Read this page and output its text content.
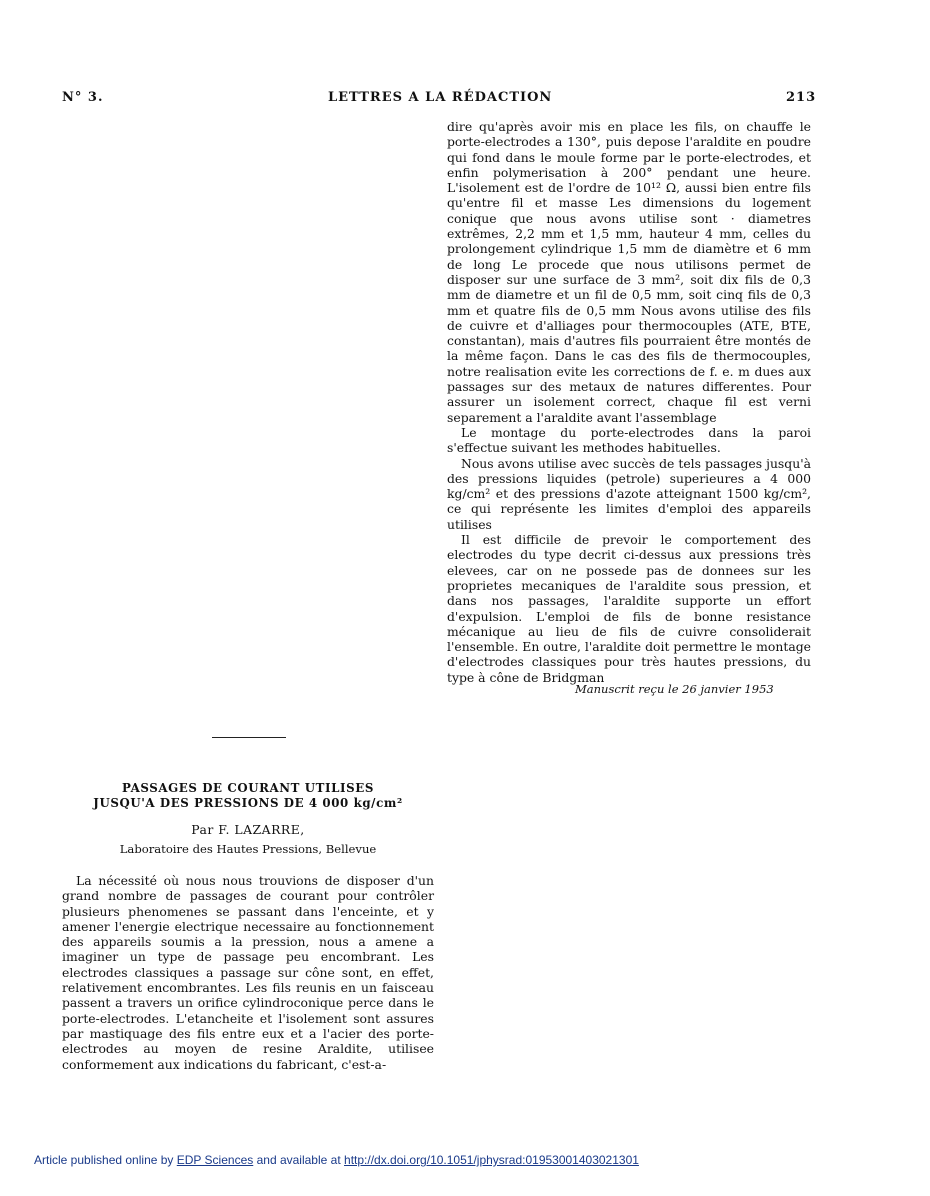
N° 3.	LETTRES A LA RÉDACTION	213

dire qu'après avoir mis en place les fils, on chauffe le porte-electrodes a 130°, puis depose l'araldite en poudre qui fond dans le moule forme par le porte-electrodes, et enfin polymerisation à 200° pendant une heure. L'isolement est de l'ordre de 10¹² Ω, aussi bien entre fils qu'entre fil et masse Les dimensions du logement conique que nous avons utilise sont · diametres extrêmes, 2,2 mm et 1,5 mm, hauteur 4 mm, celles du prolongement cylindrique 1,5 mm de diamètre et 6 mm de long Le procede que nous utilisons permet de disposer sur une surface de 3 mm², soit dix fils de 0,3 mm de diametre et un fil de 0,5 mm, soit cinq fils de 0,3 mm et quatre fils de 0,5 mm Nous avons utilise des fils de cuivre et d'alliages pour thermocouples (ATE, BTE, constantan), mais d'autres fils pourraient être montés de la même façon. Dans le cas des fils de thermocouples, notre realisation evite les corrections de f. e. m dues aux passages sur des metaux de natures differentes. Pour assurer un isolement correct, chaque fil est verni separement a l'araldite avant l'assemblage

Le montage du porte-electrodes dans la paroi s'effectue suivant les methodes habituelles.

Nous avons utilise avec succès de tels passages jusqu'à des pressions liquides (petrole) superieures a 4 000 kg/cm² et des pressions d'azote atteignant 1500 kg/cm², ce qui représente les limites d'emploi des appareils utilises

Il est difficile de prevoir le comportement des electrodes du type decrit ci-dessus aux pressions très elevees, car on ne possede pas de donnees sur les proprietes mecaniques de l'araldite sous pression, et dans nos passages, l'araldite supporte un effort d'expulsion. L'emploi de fils de bonne resistance mécanique au lieu de fils de cuivre consoliderait l'ensemble. En outre, l'araldite doit permettre le montage d'electrodes classiques pour très hautes pressions, du type à cône de Bridgman

Manuscrit reçu le 26 janvier 1953
PASSAGES DE COURANT UTILISES
JUSQU'A DES PRESSIONS DE 4 000 kg/cm²
Par F. LAZARRE,
Laboratoire des Hautes Pressions, Bellevue

La nécessité où nous nous trouvions de disposer d'un grand nombre de passages de courant pour contrôler plusieurs phenomenes se passant dans l'enceinte, et y amener l'energie electrique necessaire au fonctionnement des appareils soumis a la pression, nous a amene a imaginer un type de passage peu encombrant. Les electrodes classiques a passage sur cône sont, en effet, relativement encombrantes. Les fils reunis en un faisceau passent a travers un orifice cylindroconique perce dans le porte-electrodes. L'etancheite et l'isolement sont assures par mastiquage des fils entre eux et a l'acier des porte-electrodes au moyen de resine Araldite, utilisee conformement aux indications du fabricant, c'est-a-

Article published online by EDP Sciences and available at http://dx.doi.org/10.1051/jphysrad:01953001403021301
